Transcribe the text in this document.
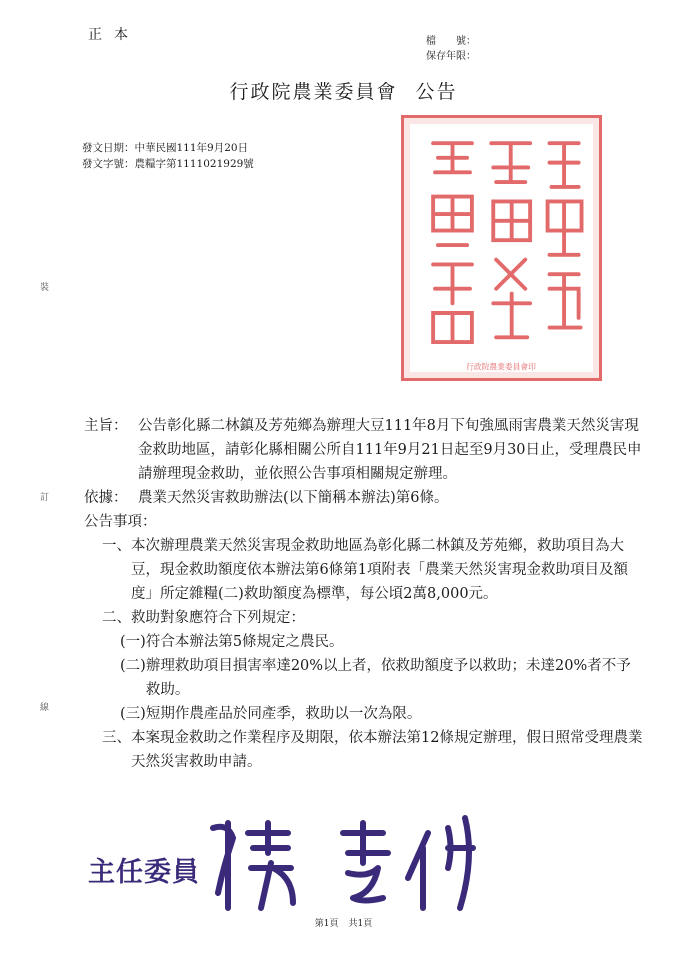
正本	檔　　號：
保存年限：
行政院農業委員會 公告
發文日期： 中華民國111年9月20日
發文字號： 農糧字第1111021929號
裝
訂
線
行政院農業委員會印
主旨： 公告彰化縣二林鎮及芳苑鄉為辦理大豆111年8月下旬強風雨害農業天然災害現金救助地區，請彰化縣相關公所自111年9月21日起至9月30日止，受理農民申請辦理現金救助，並依照公告事項相關規定辦理。
依據： 農業天然災害救助辦法(以下簡稱本辦法)第6條。
公告事項：
一、 本次辦理農業天然災害現金救助地區為彰化縣二林鎮及芳苑鄉，救助項目為大豆，現金救助額度依本辦法第6條第1項附表「農業天然災害現金救助項目及額度」所定雜糧(二)救助額度為標準，每公頃2萬8,000元。
二、 救助對象應符合下列規定：
(一) 符合本辦法第5條規定之農民。
(二) 辦理救助項目損害率達20%以上者，依救助額度予以救助；未達20%者不予救助。
(三) 短期作農產品於同產季，救助以一次為限。
三、 本案現金救助之作業程序及期限，依本辦法第12條規定辦理，假日照常受理農業天然災害救助申請。
主任委員
第1頁 共1頁
